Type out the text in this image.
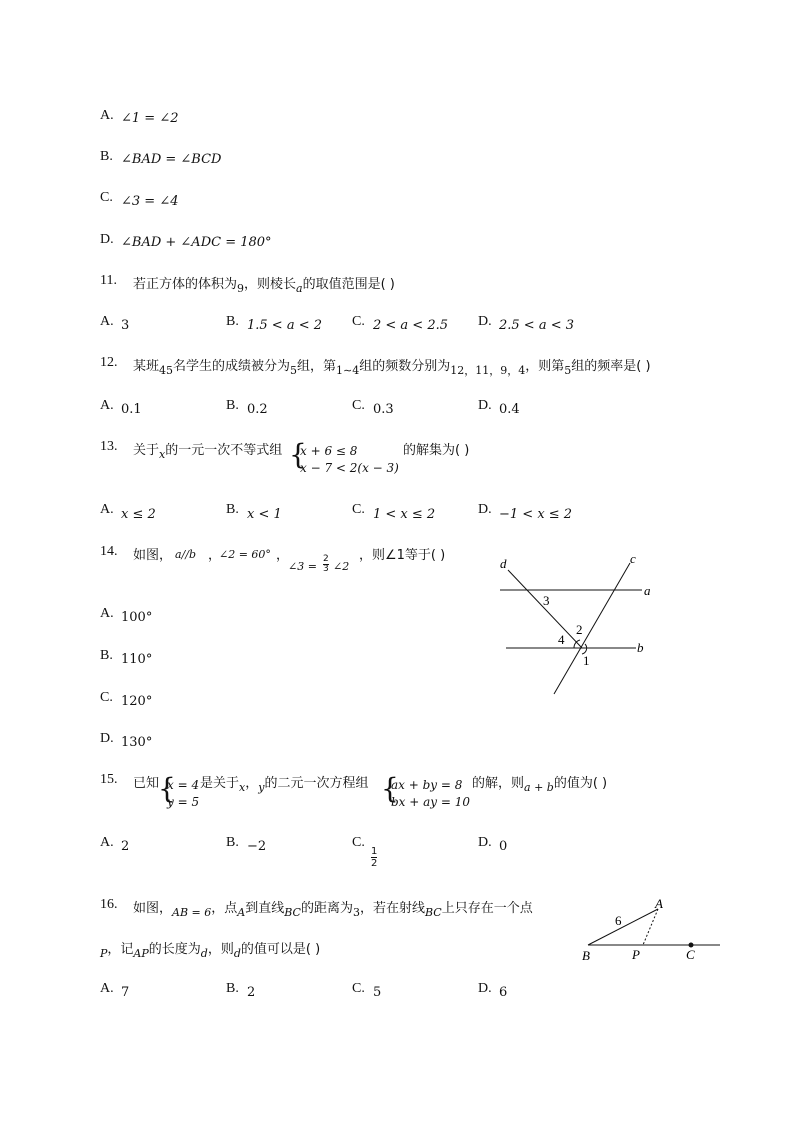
A. ∠1 = ∠2
B. ∠BAD = ∠BCD
C. ∠3 = ∠4
D. ∠BAD + ∠ADC = 180°
11. 若正方体的体积为$_9$，则棱长$_a$的取值范围是( )
A. 3	B. 1.5 < a < 2 C. 2 < a < 2.5 D. 2.5 < a < 3
12. 某班$_{45}$名学生的成绩被分为$_5$组，第$_{1\sim 4}$组的频数分别为$_{12,11,9,4}$，则第$_5$组的频率是( )
A. 0.1	B. 0.2	C. 0.3	D. 0.4
13. 关于$_x$的一元一次不等式组 {
x + 6 ≤ 8
x − 7 < 2(x − 3)
的解集为( )
A. x ≤ 2	B. x < 1	C. 1 < x ≤ 2	D. −1 < x ≤ 2
14. 如图， a//b ，
∠2 = 60° ，
∠3 = $\frac{2}{3}$ ∠2
，则∠1等于( )
A. 100°
B. 110°
C. 120°
D. 130°
d	c
a
b
3
2
4
1
15. 已知
{
x = 4
y = 5
是关于$_x$，$_y$的二元一次方程组 {
ax + by = 8
bx + ay = 10
的解，则$_{a + b}$的值为( )
A. 2	B. −2	C.
$\frac{1}{2}$
D. 0
16. 如图，$_{AB = 6}$，点$_A$到直线$_{BC}$的距离为$_3$，若在射线$_{BC}$上只存在一个点
$_P$，记$_{AP}$的长度为$_d$，则$_d$的值可以是( )
A. 7	B. 2	C. 5	D. 6
A
6
B	P	C
